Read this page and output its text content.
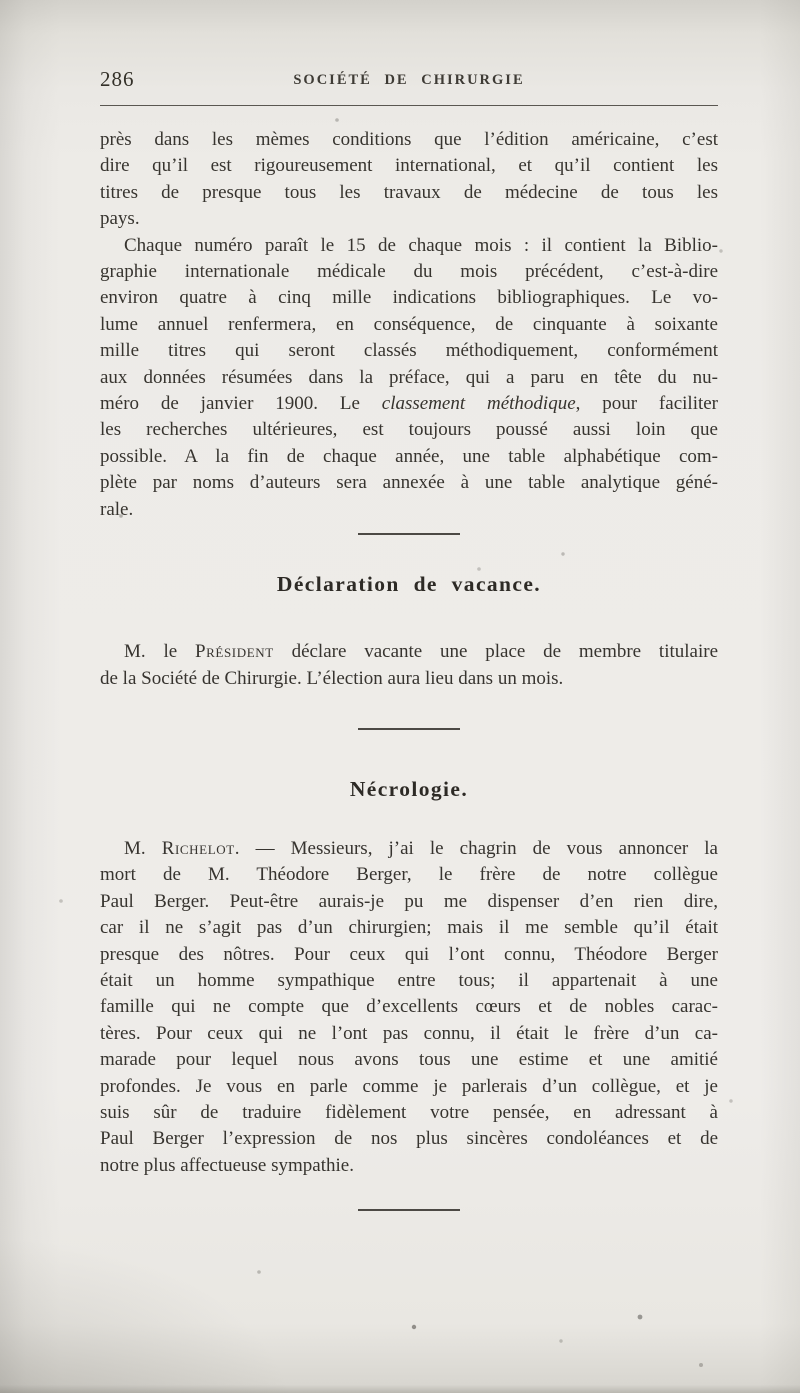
286	SOCIÉTÉ DE CHIRURGIE
près dans les mèmes conditions que l’édition américaine, c’est
dire qu’il est rigoureusement international, et qu’il contient les
titres de presque tous les travaux de médecine de tous les
pays.
Chaque numéro paraît le 15 de chaque mois : il contient la Biblio-
graphie internationale médicale du mois précédent, c’est-à-dire
environ quatre à cinq mille indications bibliographiques. Le vo-
lume annuel renfermera, en conséquence, de cinquante à soixante
mille titres qui seront classés méthodiquement, conformément
aux données résumées dans la préface, qui a paru en tête du nu-
méro de janvier 1900. Le classement méthodique, pour faciliter
les recherches ultérieures, est toujours poussé aussi loin que
possible. A la fin de chaque année, une table alphabétique com-
plète par noms d’auteurs sera annexée à une table analytique géné-
rale.
Déclaration de vacance.
M. le Président déclare vacante une place de membre titulaire
de la Société de Chirurgie. L’élection aura lieu dans un mois.
Nécrologie.
M. Richelot. — Messieurs, j’ai le chagrin de vous annoncer la
mort de M. Théodore Berger, le frère de notre collègue
Paul Berger. Peut-être aurais-je pu me dispenser d’en rien dire,
car il ne s’agit pas d’un chirurgien; mais il me semble qu’il était
presque des nôtres. Pour ceux qui l’ont connu, Théodore Berger
était un homme sympathique entre tous; il appartenait à une
famille qui ne compte que d’excellents cœurs et de nobles carac-
tères. Pour ceux qui ne l’ont pas connu, il était le frère d’un ca-
marade pour lequel nous avons tous une estime et une amitié
profondes. Je vous en parle comme je parlerais d’un collègue, et je
suis sûr de traduire fidèlement votre pensée, en adressant à
Paul Berger l’expression de nos plus sincères condoléances et de
notre plus affectueuse sympathie.
